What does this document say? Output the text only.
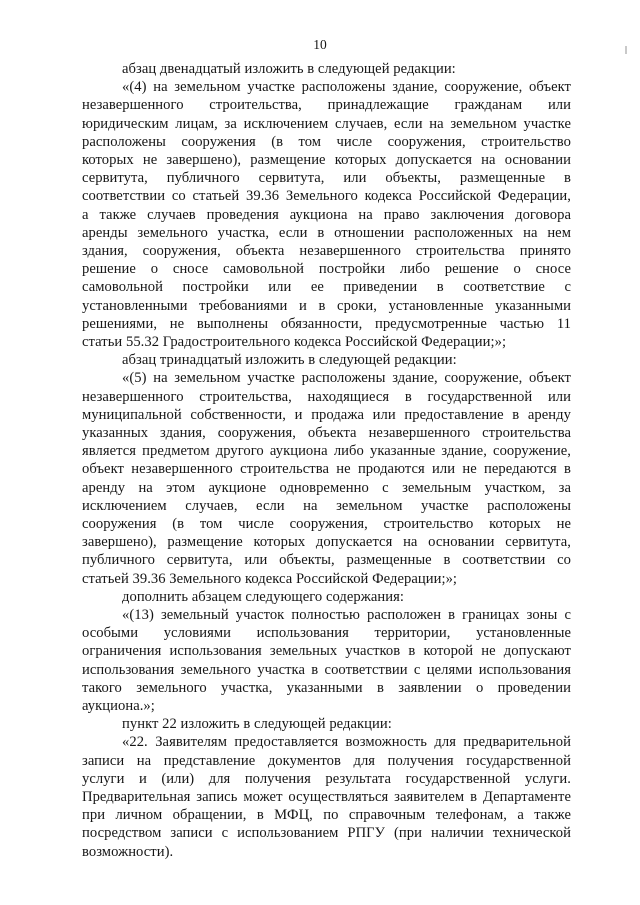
10
абзац двенадцатый изложить в следующей редакции:
«(4) на земельном участке расположены здание, сооружение, объект
незавершенного строительства, принадлежащие гражданам или
юридическим лицам, за исключением случаев, если на земельном участке
расположены сооружения (в том числе сооружения, строительство
которых не завершено), размещение которых допускается на основании
сервитута, публичного сервитута, или объекты, размещенные в
соответствии со статьей 39.36 Земельного кодекса Российской Федерации,
а также случаев проведения аукциона на право заключения договора
аренды земельного участка, если в отношении расположенных на нем
здания, сооружения, объекта незавершенного строительства принято
решение о сносе самовольной постройки либо решение о сносе
самовольной постройки или ее приведении в соответствие с
установленными требованиями и в сроки, установленные указанными
решениями, не выполнены обязанности, предусмотренные частью 11
статьи 55.32 Градостроительного кодекса Российской Федерации;»;
абзац тринадцатый изложить в следующей редакции:
«(5) на земельном участке расположены здание, сооружение, объект
незавершенного строительства, находящиеся в государственной или
муниципальной собственности, и продажа или предоставление в аренду
указанных здания, сооружения, объекта незавершенного строительства
является предметом другого аукциона либо указанные здание, сооружение,
объект незавершенного строительства не продаются или не передаются в
аренду на этом аукционе одновременно с земельным участком, за
исключением случаев, если на земельном участке расположены
сооружения (в том числе сооружения, строительство которых не
завершено), размещение которых допускается на основании сервитута,
публичного сервитута, или объекты, размещенные в соответствии со
статьей 39.36 Земельного кодекса Российской Федерации;»;
дополнить абзацем следующего содержания:
«(13) земельный участок полностью расположен в границах зоны с
особыми условиями использования территории, установленные
ограничения использования земельных участков в которой не допускают
использования земельного участка в соответствии с целями использования
такого земельного участка, указанными в заявлении о проведении
аукциона.»;
пункт 22 изложить в следующей редакции:
«22. Заявителям предоставляется возможность для предварительной
записи на представление документов для получения государственной
услуги и (или) для получения результата государственной услуги.
Предварительная запись может осуществляться заявителем в Департаменте
при личном обращении, в МФЦ, по справочным телефонам, а также
посредством записи с использованием РПГУ (при наличии технической
возможности).
